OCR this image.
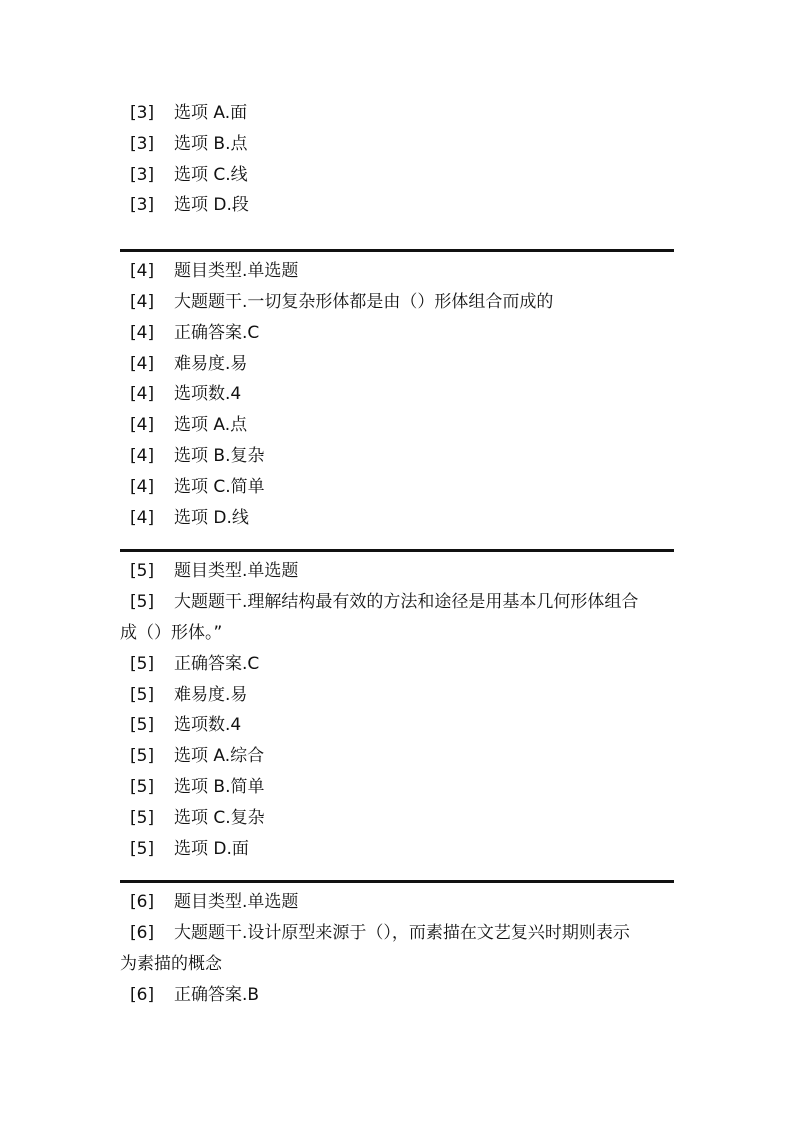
[3]	选项 A.面
[3]	选项 B.点
[3]	选项 C.线
[3]	选项 D.段
[4]	题目类型.单选题
[4]	大题题干.一切复杂形体都是由（）形体组合而成的
[4]	正确答案.C
[4]	难易度.易
[4]	选项数.4
[4]	选项 A.点
[4]	选项 B.复杂
[4]	选项 C.简单
[4]	选项 D.线
[5]	题目类型.单选题
[5]	大题题干.理解结构最有效的方法和途径是用基本几何形体组合
成（）形体。”
[5]	正确答案.C
[5]	难易度.易
[5]	选项数.4
[5]	选项 A.综合
[5]	选项 B.简单
[5]	选项 C.复杂
[5]	选项 D.面
[6]	题目类型.单选题
[6]	大题题干.设计原型来源于（），而素描在文艺复兴时期则表示
为素描的概念
[6]	正确答案.B
